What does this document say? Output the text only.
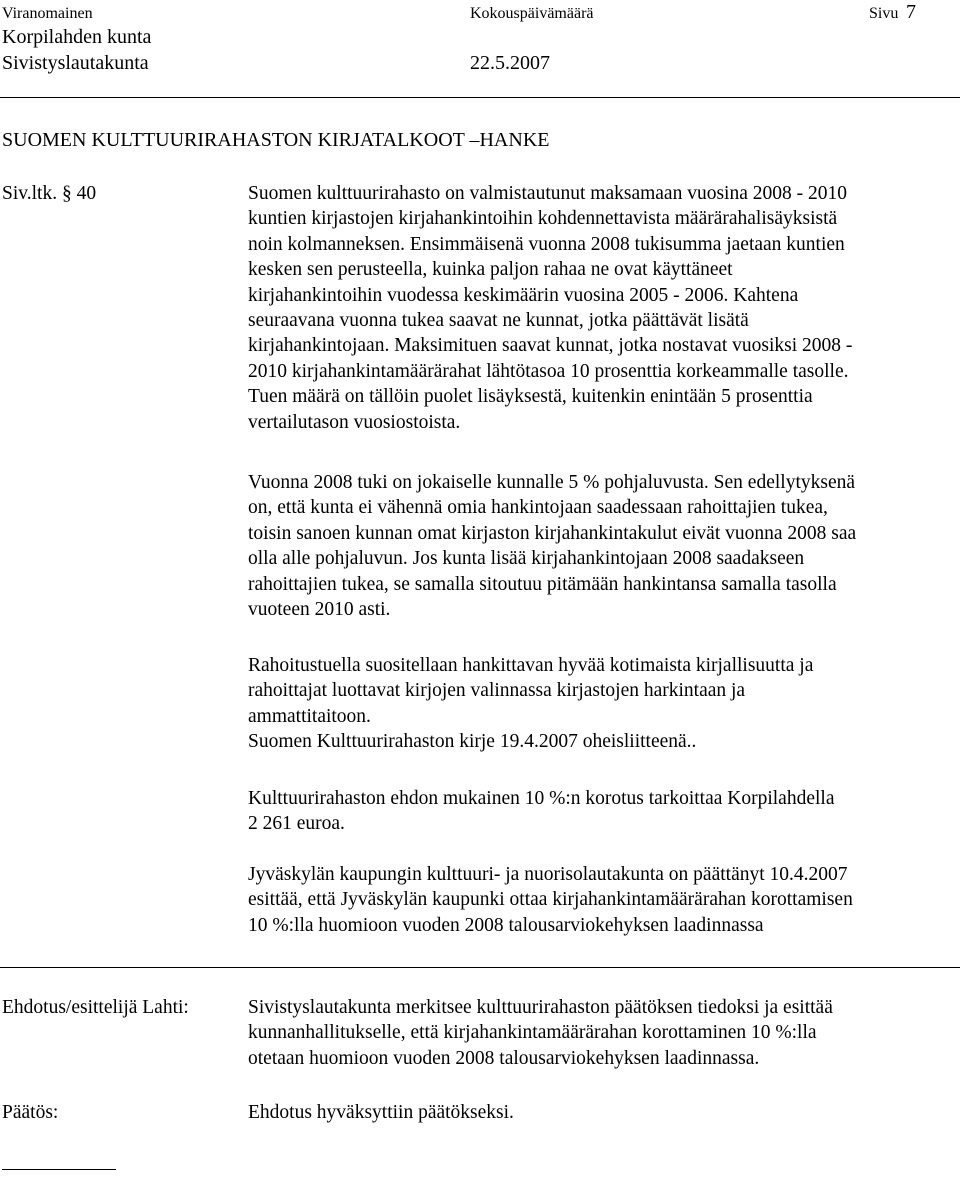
Viranomainen	Kokouspäivämäärä	Sivu 7
Korpilahden kunta
Sivistyslautakunta	22.5.2007
SUOMEN KULTTUURIRAHASTON KIRJATALKOOT –HANKE
Siv.ltk. § 40	Suomen kulttuurirahasto on valmistautunut maksamaan vuosina 2008 - 2010
kuntien kirjastojen kirjahankintoihin kohdennettavista määrärahalisäyksistä
noin kolmanneksen. Ensimmäisenä vuonna 2008 tukisumma jaetaan kuntien
kesken sen perusteella, kuinka paljon rahaa ne ovat käyttäneet
kirjahankintoihin vuodessa keskimäärin vuosina 2005 - 2006. Kahtena
seuraavana vuonna tukea saavat ne kunnat, jotka päättävät lisätä
kirjahankintojaan. Maksimituen saavat kunnat, jotka nostavat vuosiksi 2008 -
2010 kirjahankintamäärärahat lähtötasoa 10 prosenttia korkeammalle tasolle.
Tuen määrä on tällöin puolet lisäyksestä, kuitenkin enintään 5 prosenttia
vertailutason vuosiostoista.
Vuonna 2008 tuki on jokaiselle kunnalle 5 % pohjaluvusta. Sen edellytyksenä
on, että kunta ei vähennä omia hankintojaan saadessaan rahoittajien tukea,
toisin sanoen kunnan omat kirjaston kirjahankintakulut eivät vuonna 2008 saa
olla alle pohjaluvun. Jos kunta lisää kirjahankintojaan 2008 saadakseen
rahoittajien tukea, se samalla sitoutuu pitämään hankintansa samalla tasolla
vuoteen 2010 asti.
Rahoitustuella suositellaan hankittavan hyvää kotimaista kirjallisuutta ja
rahoittajat luottavat kirjojen valinnassa kirjastojen harkintaan ja
ammattitaitoon.
Suomen Kulttuurirahaston kirje 19.4.2007 oheisliitteenä..
Kulttuurirahaston ehdon mukainen 10 %:n korotus tarkoittaa Korpilahdella
2 261 euroa.
Jyväskylän kaupungin kulttuuri- ja nuorisolautakunta on päättänyt 10.4.2007
esittää, että Jyväskylän kaupunki ottaa kirjahankintamäärärahan korottamisen
10 %:lla huomioon vuoden 2008 talousarviokehyksen laadinnassa
Ehdotus/esittelijä Lahti:	Sivistyslautakunta merkitsee kulttuurirahaston päätöksen tiedoksi ja esittää
kunnanhallitukselle, että kirjahankintamäärärahan korottaminen 10 %:lla
otetaan huomioon vuoden 2008 talousarviokehyksen laadinnassa.
Päätös:	Ehdotus hyväksyttiin päätökseksi.
